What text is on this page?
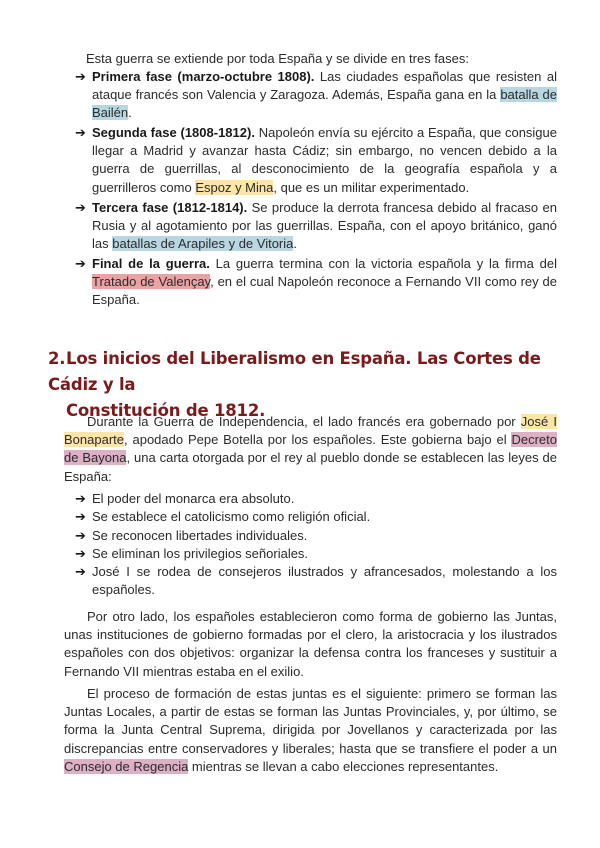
Esta guerra se extiende por toda España y se divide en tres fases:

➔ Primera fase (marzo-octubre 1808). Las ciudades españolas que resisten al ataque francés son Valencia y Zaragoza. Además, España gana en la batalla de Bailén.
➔ Segunda fase (1808-1812). Napoleón envía su ejército a España, que consigue llegar a Madrid y avanzar hasta Cádiz; sin embargo, no vencen debido a la guerra de guerrillas, al desconocimiento de la geografía española y a guerrilleros como Espoz y Mina, que es un militar experimentado.
➔ Tercera fase (1812-1814). Se produce la derrota francesa debido al fracaso en Rusia y al agotamiento por las guerrillas. España, con el apoyo británico, ganó las batallas de Arapiles y de Vitoria.
➔ Final de la guerra. La guerra termina con la victoria española y la firma del Tratado de Valençay, en el cual Napoleón reconoce a Fernando VII como rey de España.
2.Los inicios del Liberalismo en España. Las Cortes de Cádiz y la
Constitución de 1812.

Durante la Guerra de Independencia, el lado francés era gobernado por José I Bonaparte, apodado Pepe Botella por los españoles. Este gobierna bajo el Decreto de Bayona, una carta otorgada por el rey al pueblo donde se establecen las leyes de España:

➔ El poder del monarca era absoluto.
➔ Se establece el catolicismo como religión oficial.
➔ Se reconocen libertades individuales.
➔ Se eliminan los privilegios señoriales.
➔ José I se rodea de consejeros ilustrados y afrancesados, molestando a los españoles.

Por otro lado, los españoles establecieron como forma de gobierno las Juntas, unas instituciones de gobierno formadas por el clero, la aristocracia y los ilustrados españoles con dos objetivos: organizar la defensa contra los franceses y sustituir a Fernando VII mientras estaba en el exilio.

El proceso de formación de estas juntas es el siguiente: primero se forman las Juntas Locales, a partir de estas se forman las Juntas Provinciales, y, por último, se forma la Junta Central Suprema, dirigida por Jovellanos y caracterizada por las discrepancias entre conservadores y liberales; hasta que se transfiere el poder a un Consejo de Regencia mientras se llevan a cabo elecciones representantes.
